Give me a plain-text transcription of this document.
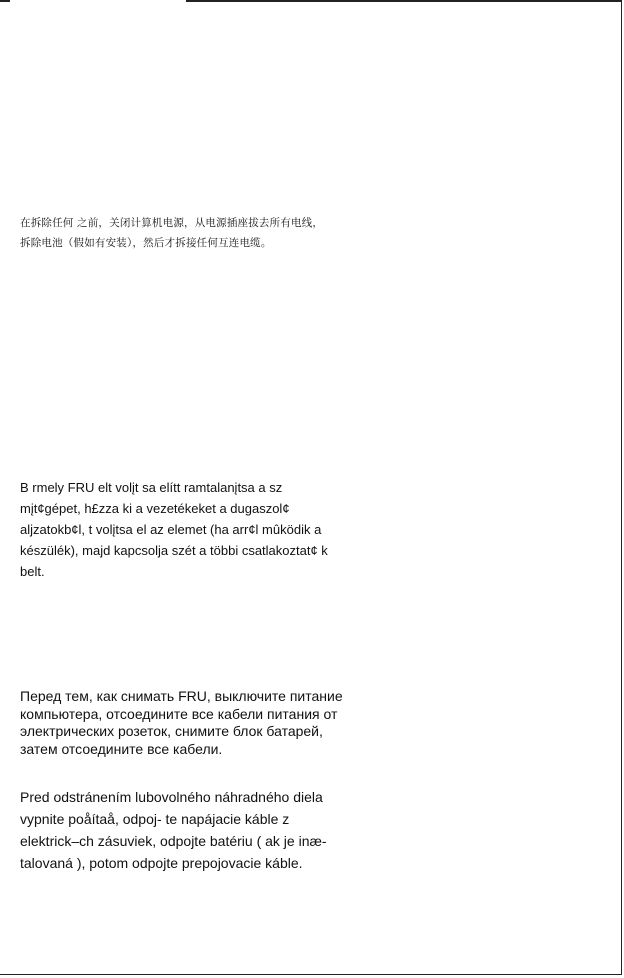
在拆除任何 之前，关闭计算机电源，从电源插座拔去所有电线，
拆除电池（假如有安装），然后才拆接任何互连电缆。

B rmely FRU elt volįt sa elítt ramtalanįtsa a sz
mįt¢gépet, h£zza ki a vezetékeket a dugaszol¢
aljzatokb¢l, t volįtsa el az elemet (ha arr¢l mûködik a
készülék), majd kapcsolja szét a többi csatlakoztat¢ k
belt.

Перед тем, как снимать FRU, выключите питание
компьютера, отсоедините все кабели питания от
электрических розеток, снимите блок батарей,
затем отсоедините все кабели.

Pred odstránením lubovolného náhradného diela
vypnite poåítaå, odpoj- te napájacie káble z
elektrick–ch zásuviek, odpojte batériu ( ak je inæ-
talovaná ), potom odpojte prepojovacie káble.
